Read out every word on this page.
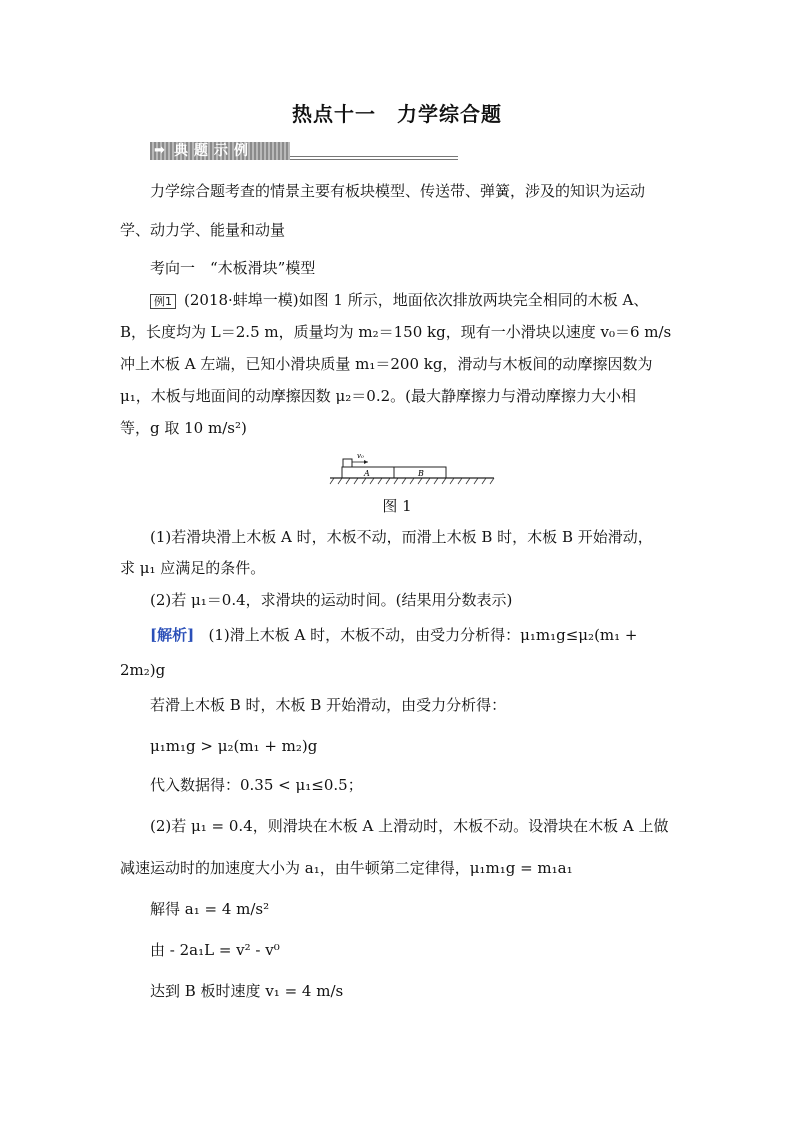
热点十一　力学综合题
➡ 典题示例
力学综合题考查的情景主要有板块模型、传送带、弹簧，涉及的知识为运动
学、动力学、能量和动量
考向一　“木板滑块”模型
例1 (2018·蚌埠一模)如图 1 所示，地面依次排放两块完全相同的木板 A、
B，长度均为 L＝2.5 m，质量均为 m₂＝150 kg，现有一小滑块以速度 v₀＝6 m/s
冲上木板 A 左端，已知小滑块质量 m₁＝200 kg，滑动与木板间的动摩擦因数为
μ₁，木板与地面间的动摩擦因数 μ₂＝0.2。(最大静摩擦力与滑动摩擦力大小相
等，g 取 10 m/s²)
v₀
A	B
图 1
(1)若滑块滑上木板 A 时，木板不动，而滑上木板 B 时，木板 B 开始滑动，
求 μ₁ 应满足的条件。
(2)若 μ₁＝0.4，求滑块的运动时间。(结果用分数表示)
[解析] (1)滑上木板 A 时，木板不动，由受力分析得：μ₁m₁g≤μ₂(m₁ +
2m₂)g
若滑上木板 B 时，木板 B 开始滑动，由受力分析得：
μ₁m₁g > μ₂(m₁ + m₂)g
代入数据得：0.35 < μ₁≤0.5；
(2)若 μ₁ = 0.4，则滑块在木板 A 上滑动时，木板不动。设滑块在木板 A 上做
减速运动时的加速度大小为 a₁，由牛顿第二定律得，μ₁m₁g = m₁a₁
解得 a₁ = 4 m/s²
由 - 2a₁L = v² - v⁰
达到 B 板时速度 v₁ = 4 m/s
